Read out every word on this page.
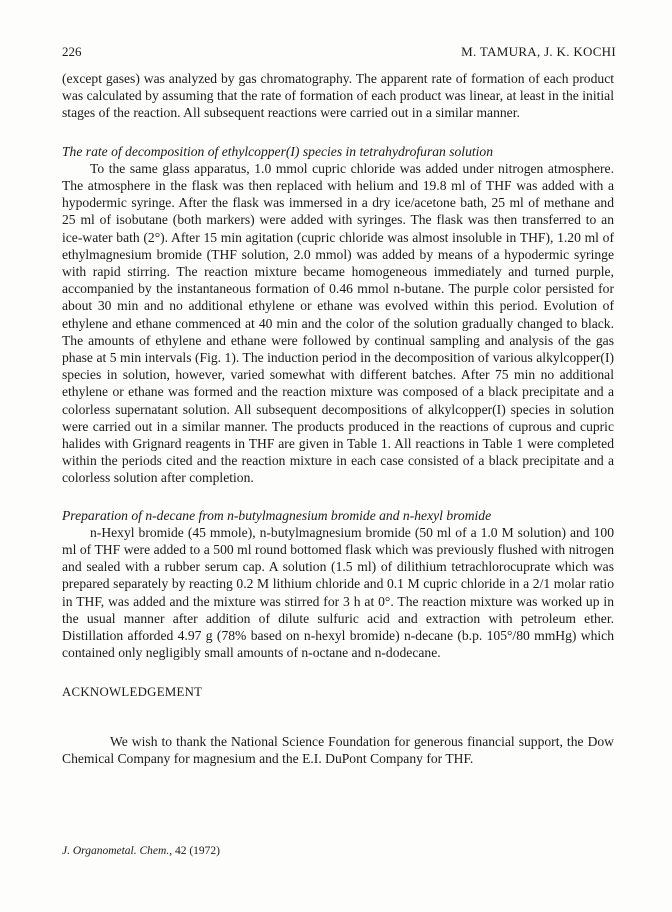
226	M. TAMURA, J. K. KOCHI

(except gases) was analyzed by gas chromatography. The apparent rate of formation of each product was calculated by assuming that the rate of formation of each product was linear, at least in the initial stages of the reaction. All subsequent reactions were carried out in a similar manner.

The rate of decomposition of ethylcopper(I) species in tetrahydrofuran solution

To the same glass apparatus, 1.0 mmol cupric chloride was added under nitrogen atmosphere. The atmosphere in the flask was then replaced with helium and 19.8 ml of THF was added with a hypodermic syringe. After the flask was immersed in a dry ice/acetone bath, 25 ml of methane and 25 ml of isobutane (both markers) were added with syringes. The flask was then transferred to an ice-water bath (2°). After 15 min agitation (cupric chloride was almost insoluble in THF), 1.20 ml of ethylmagnesium bromide (THF solution, 2.0 mmol) was added by means of a hypodermic syringe with rapid stirring. The reaction mixture became homogeneous immediately and turned purple, accompanied by the instantaneous formation of 0.46 mmol n-butane. The purple color persisted for about 30 min and no additional ethylene or ethane was evolved within this period. Evolution of ethylene and ethane commenced at 40 min and the color of the solution gradually changed to black. The amounts of ethylene and ethane were followed by continual sampling and analysis of the gas phase at 5 min intervals (Fig. 1). The induction period in the decomposition of various alkylcopper(I) species in solution, however, varied somewhat with different batches. After 75 min no additional ethylene or ethane was formed and the reaction mixture was composed of a black precipitate and a colorless supernatant solution. All subsequent decompositions of alkylcopper(I) species in solution were carried out in a similar manner. The products produced in the reactions of cuprous and cupric halides with Grignard reagents in THF are given in Table 1. All reactions in Table 1 were completed within the periods cited and the reaction mixture in each case consisted of a black precipitate and a colorless solution after completion.

Preparation of n-decane from n-butylmagnesium bromide and n-hexyl bromide

n-Hexyl bromide (45 mmole), n-butylmagnesium bromide (50 ml of a 1.0 M solution) and 100 ml of THF were added to a 500 ml round bottomed flask which was previously flushed with nitrogen and sealed with a rubber serum cap. A solution (1.5 ml) of dilithium tetrachlorocuprate which was prepared separately by reacting 0.2 M lithium chloride and 0.1 M cupric chloride in a 2/1 molar ratio in THF, was added and the mixture was stirred for 3 h at 0°. The reaction mixture was worked up in the usual manner after addition of dilute sulfuric acid and extraction with petroleum ether. Distillation afforded 4.97 g (78% based on n-hexyl bromide) n-decane (b.p. 105°/80 mmHg) which contained only negligibly small amounts of n-octane and n-dodecane.

ACKNOWLEDGEMENT

We wish to thank the National Science Foundation for generous financial support, the Dow Chemical Company for magnesium and the E.I. DuPont Company for THF.

J. Organometal. Chem., 42 (1972)
